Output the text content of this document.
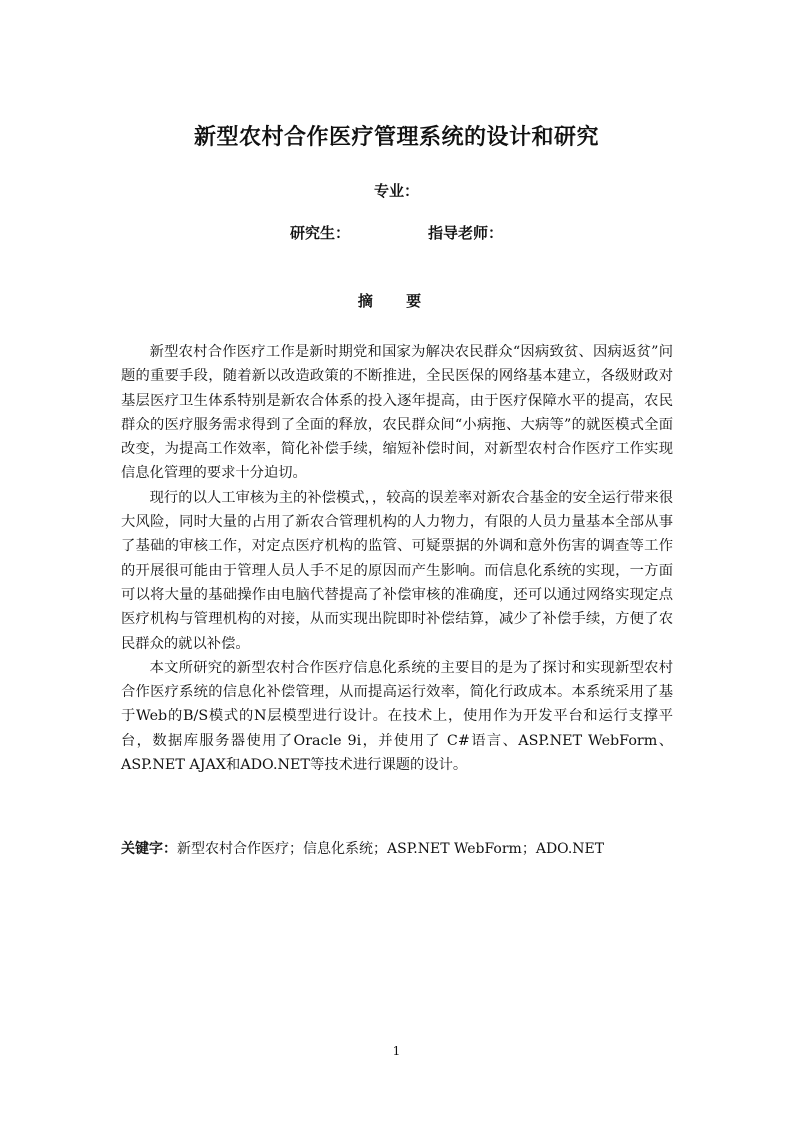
新型农村合作医疗管理系统的设计和研究
专业：
研究生：	指导老师：
摘 要

新型农村合作医疗工作是新时期党和国家为解决农民群众“因病致贫、因病返贫”问题的重要手段，随着新以改造政策的不断推进，全民医保的网络基本建立，各级财政对基层医疗卫生体系特别是新农合体系的投入逐年提高，由于医疗保障水平的提高，农民群众的医疗服务需求得到了全面的释放，农民群众间“小病拖、大病等”的就医模式全面改变，为提高工作效率，简化补偿手续，缩短补偿时间，对新型农村合作医疗工作实现信息化管理的要求十分迫切。

现行的以人工审核为主的补偿模式，，较高的误差率对新农合基金的安全运行带来很大风险，同时大量的占用了新农合管理机构的人力物力，有限的人员力量基本全部从事了基础的审核工作，对定点医疗机构的监管、可疑票据的外调和意外伤害的调查等工作的开展很可能由于管理人员人手不足的原因而产生影响。而信息化系统的实现，一方面可以将大量的基础操作由电脑代替提高了补偿审核的准确度，还可以通过网络实现定点医疗机构与管理机构的对接，从而实现出院即时补偿结算，减少了补偿手续，方便了农民群众的就以补偿。

本文所研究的新型农村合作医疗信息化系统的主要目的是为了探讨和实现新型农村合作医疗系统的信息化补偿管理，从而提高运行效率，简化行政成本。本系统采用了基于Web的B/S模式的N层模型进行设计。在技术上，使用作为开发平台和运行支撑平台，数据库服务器使用了Oracle 9i，并使用了 C#语言、ASP.NET WebForm、ASP.NET AJAX和ADO.NET等技术进行课题的设计。

关键字：新型农村合作医疗；信息化系统；ASP.NET WebForm；ADO.NET
1
